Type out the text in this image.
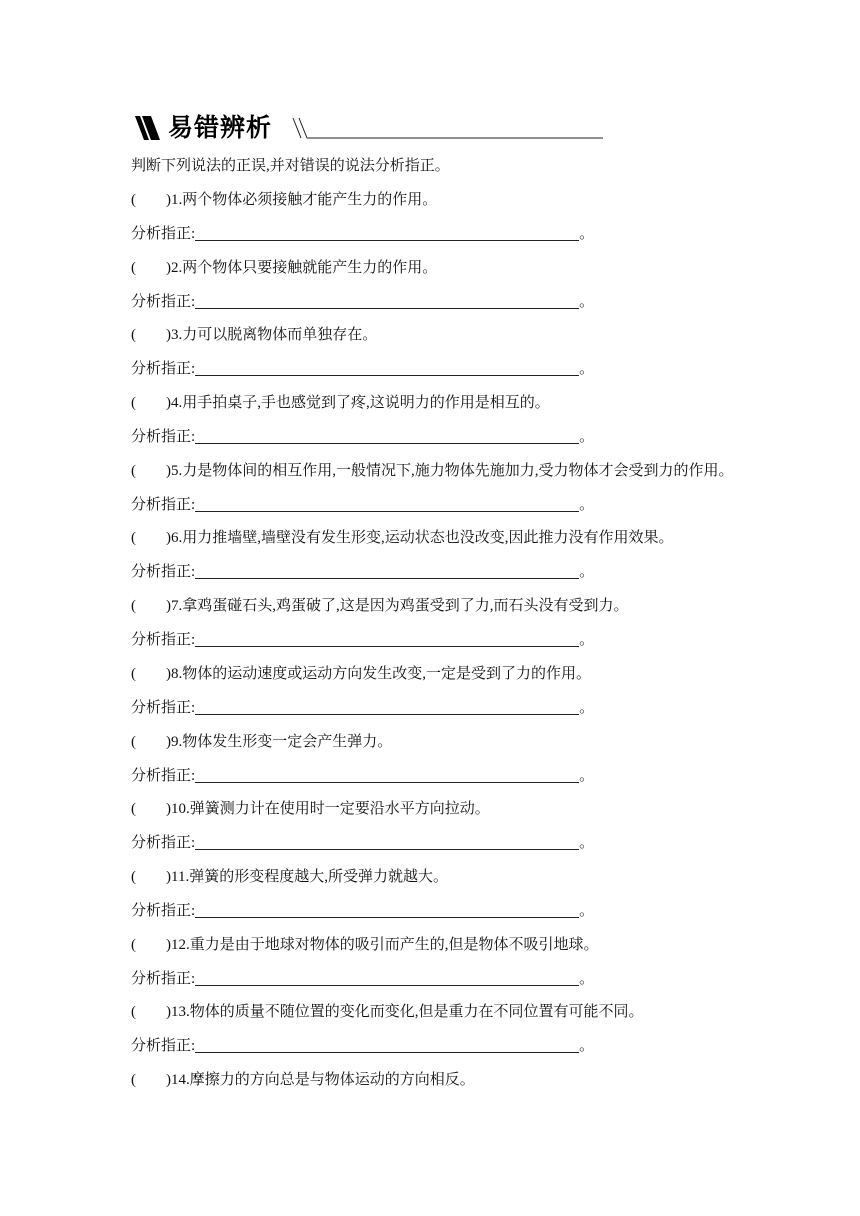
易错辨析
判断下列说法的正误,并对错误的说法分析指正。
( )1.两个物体必须接触才能产生力的作用。
分析指正:	。
( )2.两个物体只要接触就能产生力的作用。
分析指正:	。
( )3.力可以脱离物体而单独存在。
分析指正:	。
( )4.用手拍桌子,手也感觉到了疼,这说明力的作用是相互的。
分析指正:	。
( )5.力是物体间的相互作用,一般情况下,施力物体先施加力,受力物体才会受到力的作用。
分析指正:	。
( )6.用力推墙壁,墙壁没有发生形变,运动状态也没改变,因此推力没有作用效果。
分析指正:	。
( )7.拿鸡蛋碰石头,鸡蛋破了,这是因为鸡蛋受到了力,而石头没有受到力。
分析指正:	。
( )8.物体的运动速度或运动方向发生改变,一定是受到了力的作用。
分析指正:	。
( )9.物体发生形变一定会产生弹力。
分析指正:	。
( )10.弹簧测力计在使用时一定要沿水平方向拉动。
分析指正:	。
( )11.弹簧的形变程度越大,所受弹力就越大。
分析指正:	。
( )12.重力是由于地球对物体的吸引而产生的,但是物体不吸引地球。
分析指正:	。
( )13.物体的质量不随位置的变化而变化,但是重力在不同位置有可能不同。
分析指正:	。
( )14.摩擦力的方向总是与物体运动的方向相反。
